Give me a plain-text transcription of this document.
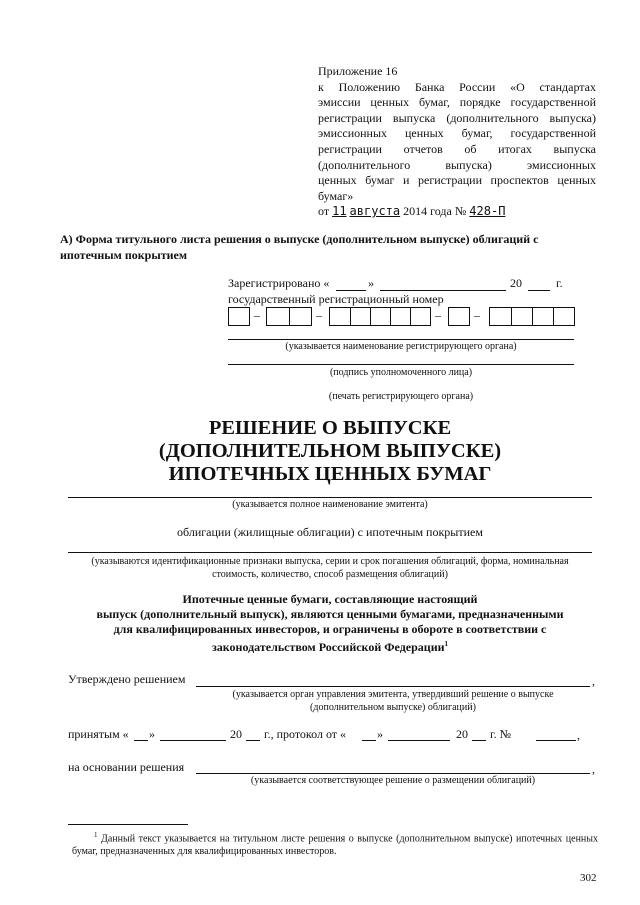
Приложение 16
к Положению Банка России «О стандартах
эмиссии ценных бумаг, порядке государственной
регистрации выпуска (дополнительного выпуска)
эмиссионных ценных бумаг, государственной
регистрации отчетов об итогах выпуска
(дополнительного выпуска) эмиссионных
ценных бумаг и регистрации проспектов ценных
бумаг»
от 11 августа 2014 года № 428-П
А) Форма титульного листа решения о выпуске (дополнительном выпуске) облигаций с
ипотечным покрытием
Зарегистрировано «	»	20	г.
государственный регистрационный номер
–	–	–	–
(указывается наименование регистрирующего органа)
(подпись уполномоченного лица)
(печать регистрирующего органа)
РЕШЕНИЕ О ВЫПУСКЕ
(ДОПОЛНИТЕЛЬНОМ ВЫПУСКЕ)
ИПОТЕЧНЫХ ЦЕННЫХ БУМАГ
(указывается полное наименование эмитента)
облигации (жилищные облигации) с ипотечным покрытием
(указываются идентификационные признаки выпуска, серии и срок погашения облигаций, форма, номинальная
стоимость, количество, способ размещения облигаций)
Ипотечные ценные бумаги, составляющие настоящий
выпуск (дополнительный выпуск), являются ценными бумагами, предназначенными
для квалифицированных инвесторов, и ограничены в обороте в соответствии с
законодательством Российской Федерации$^1$
Утверждено решением	,
(указывается орган управления эмитента, утвердивший решение о выпуске
(дополнительном выпуске) облигаций)
принятым « »	20 г., протокол от «	»	20 г. №	,
на основании решения	,
(указывается соответствующее решение о размещении облигаций)
$^1$ Данный текст указывается на титульном листе решения о выпуске (дополнительном выпуске) ипотечных ценных бумаг, предназначенных для квалифицированных инвесторов.
302
